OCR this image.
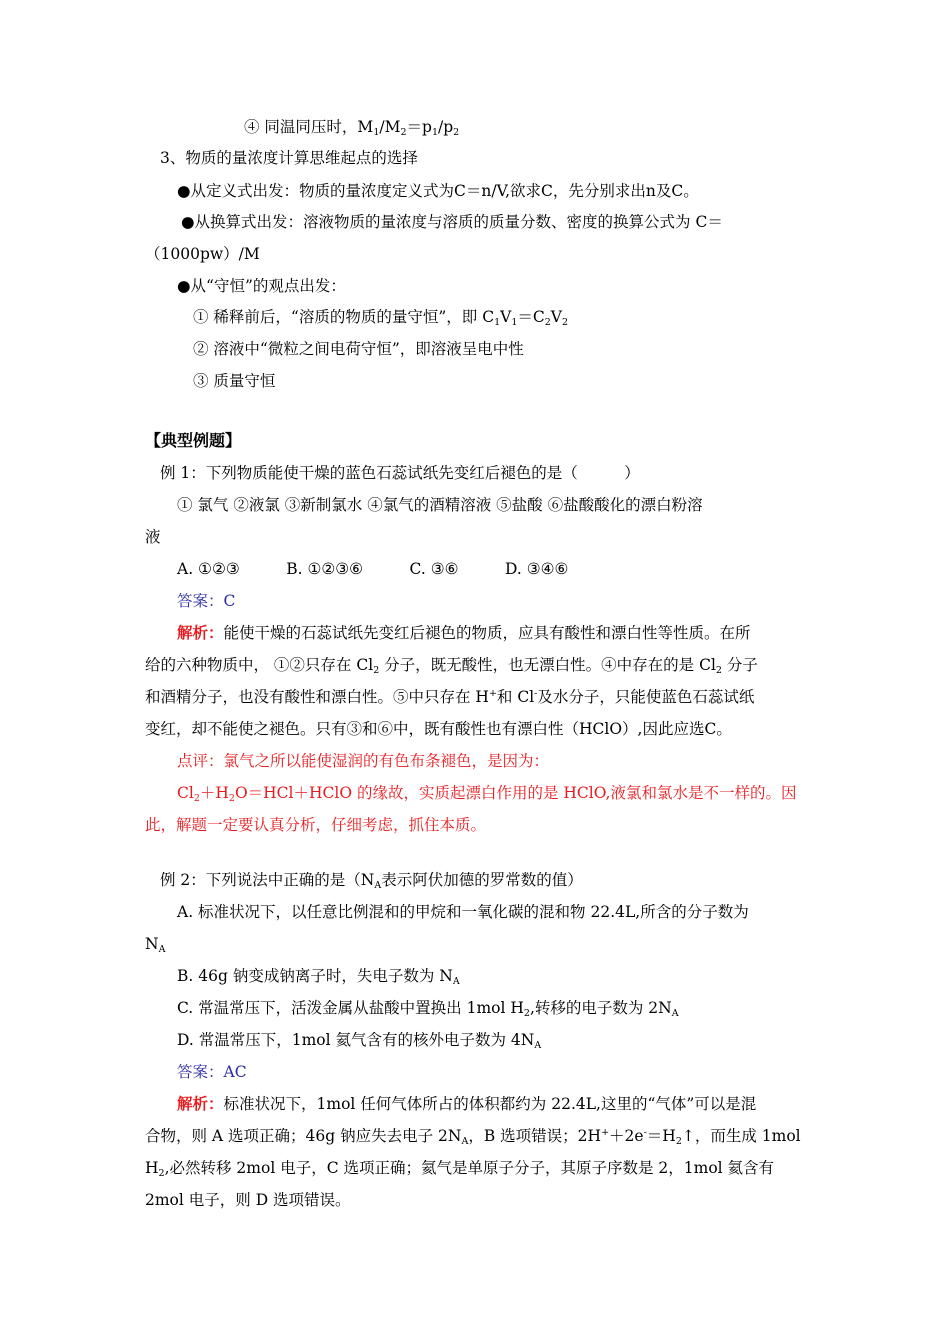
④ 同温同压时，$M_1/M_2=p_1/p_2$
3、物质的量浓度计算思维起点的选择
●从定义式出发：物质的量浓度定义式为C＝n/V,欲求C，先分别求出n及C。
●从换算式出发：溶液物质的量浓度与溶质的质量分数、密度的换算公式为 C＝
（1000pw）/M
●从“守恒”的观点出发：
① 稀释前后，“溶质的物质的量守恒”，即 $C_1V_1=C_2V_2$
② 溶液中“微粒之间电荷守恒”，即溶液呈电中性
③ 质量守恒
【典型例题】
例 1：下列物质能使干燥的蓝色石蕊试纸先变红后褪色的是（　　　）
① 氯气 ②液氯 ③新制氯水 ④氯气的酒精溶液 ⑤盐酸 ⑥盐酸酸化的漂白粉溶
液
A. ①②③　　　B. ①②③⑥　　　C. ③⑥　　　D. ③④⑥
答案：C
解析：能使干燥的石蕊试纸先变红后褪色的物质，应具有酸性和漂白性等性质。在所
给的六种物质中， ①②只存在 $Cl_2$ 分子，既无酸性，也无漂白性。④中存在的是 $Cl_2$ 分子
和酒精分子，也没有酸性和漂白性。⑤中只存在 H+和 Cl-及水分子，只能使蓝色石蕊试纸
变红，却不能使之褪色。只有③和⑥中，既有酸性也有漂白性（HClO）,因此应选C。
点评：氯气之所以能使湿润的有色布条褪色，是因为：
$Cl_2+H_2O=HCl+HClO$ 的缘故，实质起漂白作用的是 HClO,液氯和氯水是不一样的。因
此，解题一定要认真分析，仔细考虑，抓住本质。
例 2：下列说法中正确的是（$N_A$表示阿伏加德的罗常数的值）
A. 标准状况下，以任意比例混和的甲烷和一氧化碳的混和物 22.4L,所含的分子数为
$N_A$
B. 46g 钠变成钠离子时，失电子数为 $N_A$
C. 常温常压下，活泼金属从盐酸中置换出 1mol $H_2$,转移的电子数为 $2N_A$
D. 常温常压下，1mol 氦气含有的核外电子数为 $4N_A$
答案：AC
解析：标准状况下，1mol 任何气体所占的体积都约为 22.4L,这里的“气体”可以是混
合物，则 A 选项正确；46g 钠应失去电子 $2N_A$，B 选项错误；$2H^++2e^-=H_2↑$，而生成 1mol
$H_2$,必然转移 2mol 电子，C 选项正确；氦气是单原子分子，其原子序数是 2，1mol 氦含有
2mol 电子，则 D 选项错误。
